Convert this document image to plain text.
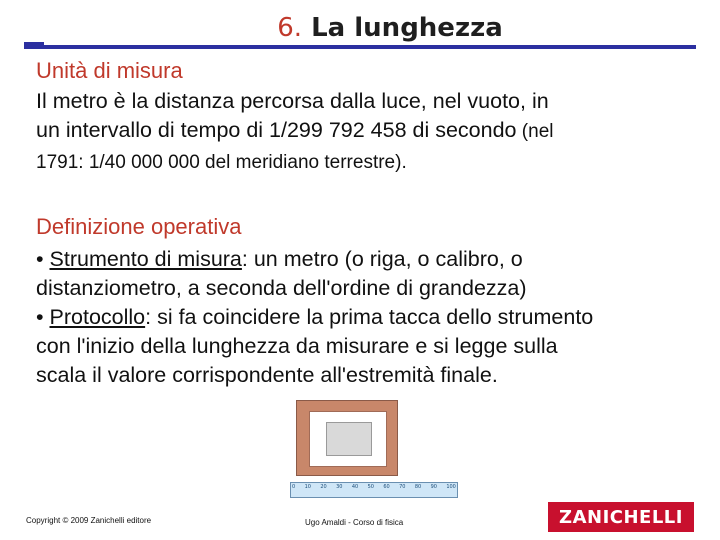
6. La lunghezza
Unità di misura
Il metro è la distanza percorsa dalla luce, nel vuoto, in
un intervallo di tempo di 1/299 792 458 di secondo (nel
1791: 1/40 000 000 del meridiano terrestre).
Definizione operativa
• Strumento di misura: un metro (o riga, o calibro, o
distanziometro, a seconda dell'ordine di grandezza)
• Protocollo: si fa coincidere la prima tacca dello strumento
con l'inizio della lunghezza da misurare e si legge sulla
scala il valore corrispondente all'estremità finale.
0 10 20 30 40 50 60 70 80 90 100
Copyright © 2009 Zanichelli editore	Ugo Amaldi - Corso di fisica	ZANICHELLI
